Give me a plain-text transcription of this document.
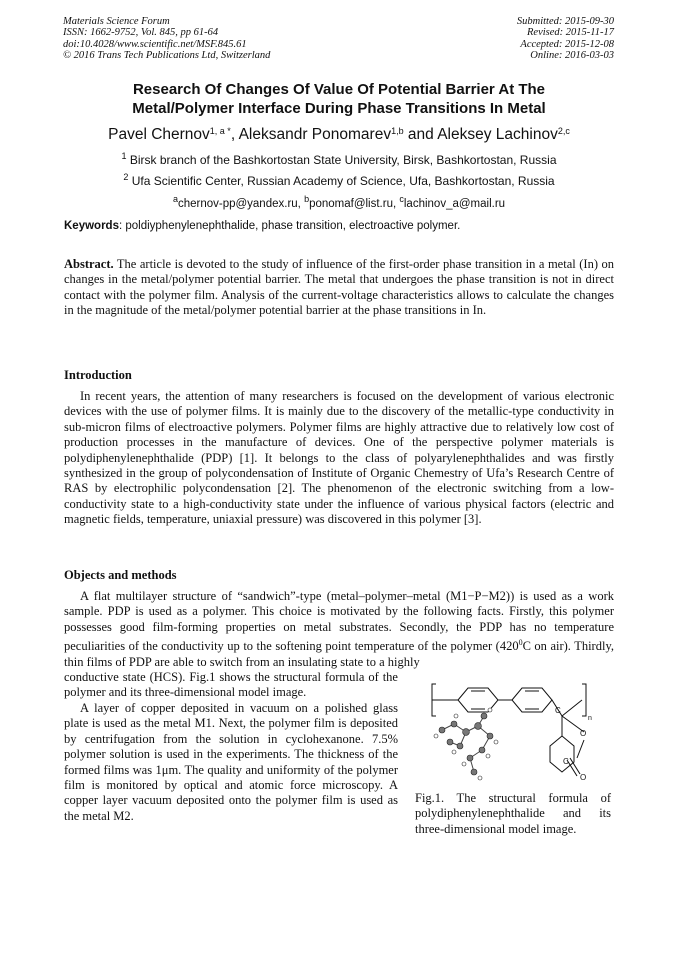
Materials Science Forum
ISSN: 1662-9752, Vol. 845, pp 61-64
doi:10.4028/www.scientific.net/MSF.845.61
© 2016 Trans Tech Publications Ltd, Switzerland
Submitted: 2015-09-30
Revised: 2015-11-17
Accepted: 2015-12-08
Online: 2016-03-03
Research Of Changes Of Value Of Potential Barrier At The
Metal/Polymer Interface During Phase Transitions In Metal
Pavel Chernov$^{1, a *}$, Aleksandr Ponomarev$^{1,b}$ and Aleksey Lachinov$^{2,c}$
$^1$ Birsk branch of the Bashkortostan State University, Birsk, Bashkortostan, Russia
$^2$ Ufa Scientific Center, Russian Academy of Science, Ufa, Bashkortostan, Russia
$^a$chernov-pp@yandex.ru, $^b$ponomaf@list.ru, $^c$lachinov_a@mail.ru
Keywords: poldiyphenylenephthalide, phase transition, electroactive polymer.

Abstract. The article is devoted to the study of influence of the first-order phase transition in a metal (In) on changes in the metal/polymer potential barrier. The metal that undergoes the phase transition is not in direct contact with the polymer film. Analysis of the current-voltage characteristics allows to calculate the changes in the magnitude of the metal/polymer potential barrier at the phase transitions in In.

Introduction

In recent years, the attention of many researchers is focused on the development of various electronic devices with the use of polymer films. It is mainly due to the discovery of the metallic-type conductivity in sub-micron films of electroactive polymers. Polymer films are highly attractive due to relatively low cost of production processes in the manufacture of devices. One of the perspective polymer materials is polydiphenylenephthalide (PDP) [1]. It belongs to the class of polyarylenephthalides and was firstly synthesized in the group of polycondensation of Institute of Organic Chemestry of Ufa’s Research Centre of RAS by electrophilic polycondensation [2]. The phenomenon of the electronic switching from a low-conductivity state to a high-conductivity state under the influence of various physical factors (electric and magnetic fields, temperature, uniaxial pressure) was discovered in this polymer [3].

Objects and methods

A flat multilayer structure of “sandwich”-type (metal–polymer–metal (M1−P−M2)) is used as a work sample. PDP is used as a polymer. This choice is motivated by the following facts. Firstly, this polymer possesses good film-forming properties on metal substrates. Secondly, the PDP has no temperature peculiarities of the conductivity up to the softening point temperature of the polymer ($420^0C$ on air). Thirdly, thin films of PDP are able to switch from an insulating state to a highly

conductive state (HCS). Fig.1 shows the structural formula of the polymer and its three-dimensional model image.

A layer of copper deposited in vacuum on a polished glass plate is used as the metal M1. Next, the polymer film is deposited by centrifugation from the solution in cyclohexanone. 7.5% polymer solution is used in the experiments. The thickness of the formed films was 1μm. The quality and uniformity of the polymer film is monitored by optical and atomic force microscopy. A copper layer vacuum deposited onto the polymer film is used as the metal M2.

C
O
C
O
n
Fig.1. The structural formula of polydiphenylenephthalide and its three-dimensional model image.
